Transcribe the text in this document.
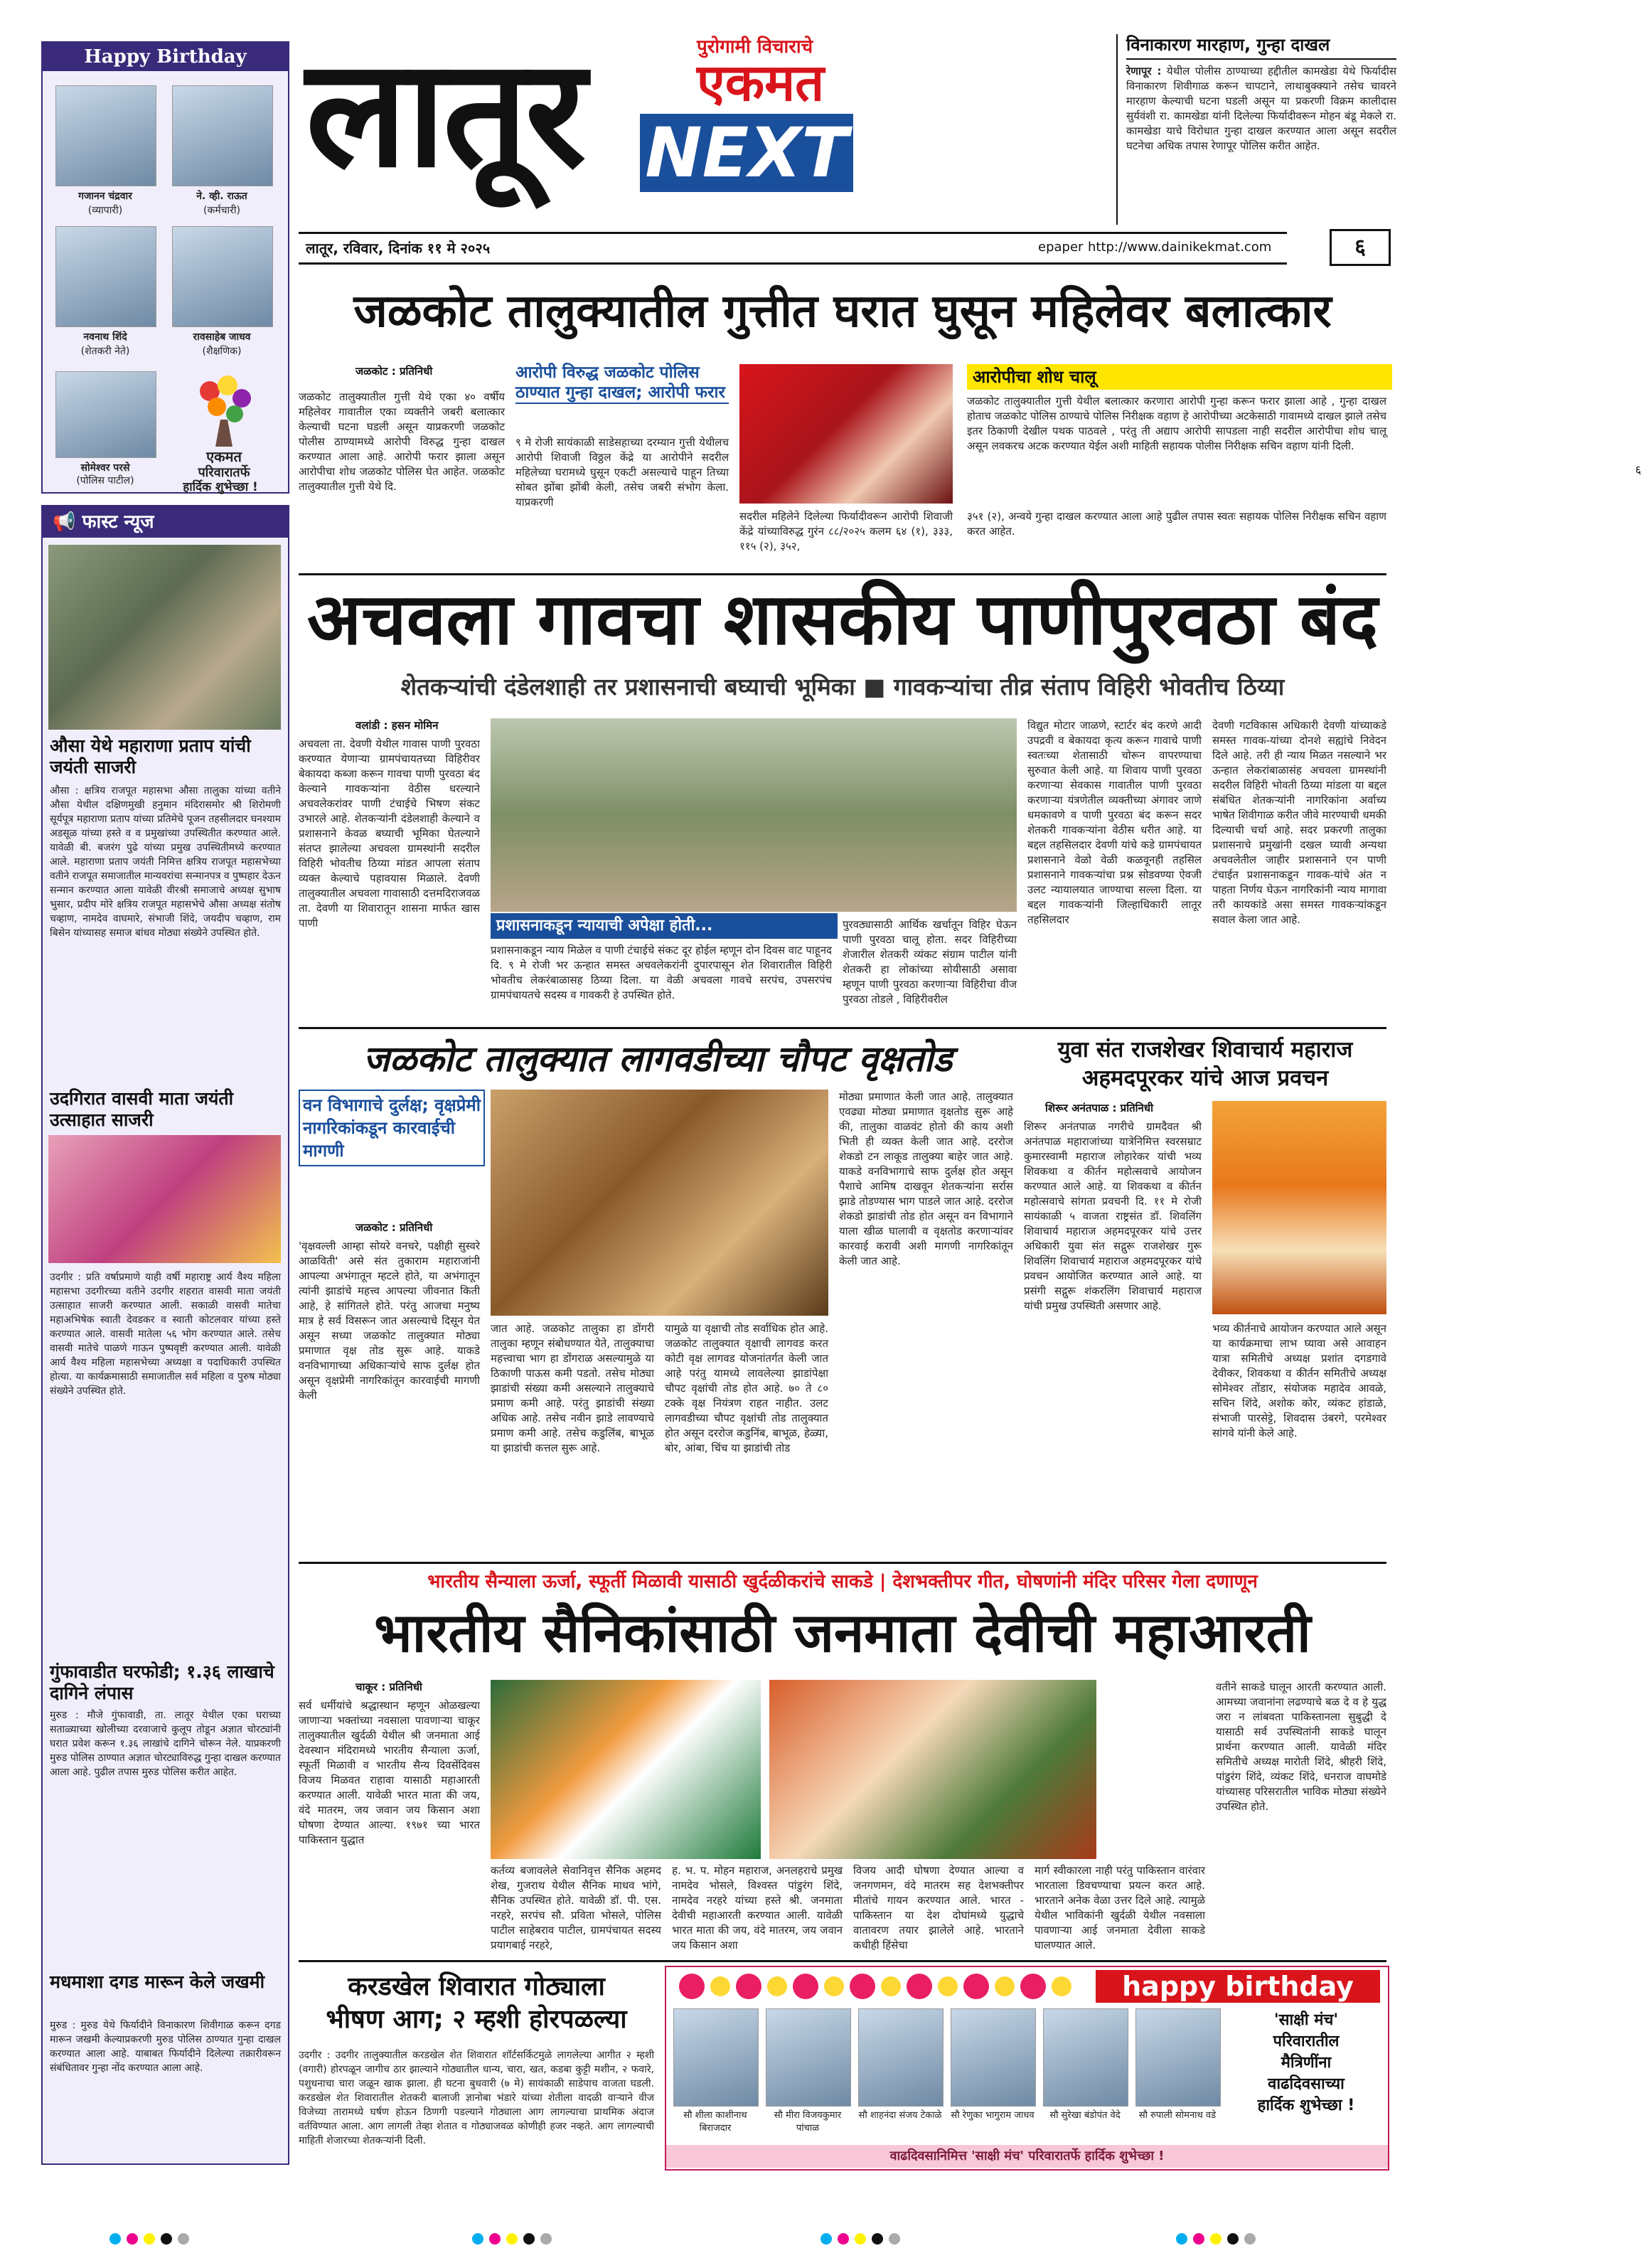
Happy Birthday
गजानन चंद्रवार
(व्यापारी)
ने. व्ही. राऊत
(कर्मचारी)
नवनाथ शिंदे
(शेतकरी नेते)
रावसाहेब जाधव
(शैक्षणिक)
सोमेश्वर परसे
(पोलिस पाटील)
एकमत
परिवारातर्फे
हार्दिक शुभेच्छा !
📢 फास्ट न्यूज
औसा येथे महाराणा प्रताप यांची जयंती साजरी
औसा : क्षत्रिय राजपूत महासभा औसा तालुका यांच्या वतीने औसा येथील दक्षिणमुखी हनुमान मंदिरासमोर श्री शिरोमणी सूर्यपूत्र महाराणा प्रताप यांच्या प्रतिमेचे पूजन तहसीलदार घनश्याम अडसूळ यांच्या हस्ते व व प्रमुखांच्या उपस्थितीत करण्यात आले. यावेळी बी. बजरंग पुढे यांच्या प्रमुख उपस्थितीमध्ये करण्यात आले. महाराणा प्रताप जयंती निमित्त क्षत्रिय राजपूत महासभेच्या वतीने राजपूत समाजातील मान्यवरांचा सन्मानपत्र व पुष्पहार देऊन सन्मान करण्यात आला यावेळी वीरश्री समाजाचे अध्यक्ष सुभाष भुसार, प्रदीप मोरे क्षत्रिय राजपूत महासभेचे औसा अध्यक्ष संतोष चव्हाण, नामदेव वाघमारे, संभाजी शिंदे, जयदीप चव्हाण, राम बिसेन यांच्यासह समाज बांधव मोठ्या संख्येने उपस्थित होते.
उदगिरात वासवी माता जयंती उत्साहात साजरी
उदगीर : प्रति वर्षाप्रमाणे याही वर्षी महाराष्ट्र आर्य वैश्य महिला महासभा उदगीरच्या वतीने उदगीर शहरात वासवी माता जयंती उत्साहात साजरी करण्यात आली. सकाळी वासवी मातेचा महाअभिषेक स्वाती देवडकर व स्वाती कोटलवार यांच्या हस्ते करण्यात आले. वासवी मातेला ५६ भोग करण्यात आले. तसेच वासवी मातेचे पाळणे गाऊन पुष्पवृष्टी करण्यात आली. यावेळी आर्य वैश्य महिला महासभेच्या अध्यक्षा व पदाधिकारी उपस्थित होत्या. या कार्यक्रमासाठी समाजातील सर्व महिला व पुरुष मोठ्या संख्येने उपस्थित होते.
गुंफावाडीत घरफोडी; १.३६ लाखाचे दागिने लंपास
मुरुड : मौजे गुंफावाडी, ता. लातूर येथील एका घराच्या सताळ्याच्या खोलीच्या दरवाजाचे कुलूप तोडून अज्ञात चोरट्यांनी घरात प्रवेश करून १.३६ लाखांचे दागिने चोरून नेले. याप्रकरणी मुरुड पोलिस ठाण्यात अज्ञात चोरट्याविरुद्ध गुन्हा दाखल करण्यात आला आहे. पुढील तपास मुरुड पोलिस करीत आहेत.
मधमाशा दगड मारून केले जखमी
मुरुड : मुरुड येथे फिर्यादीने विनाकारण शिवीगाळ करून दगड मारून जखमी केल्याप्रकरणी मुरुड पोलिस ठाण्यात गुन्हा दाखल करण्यात आला आहे. याबाबत फिर्यादीने दिलेल्या तक्रारीवरून संबंधितावर गुन्हा नोंद करण्यात आला आहे.
लातूर NEXT
पुरोगामी विचाराचे
एकमत
लातूर, रविवार, दिनांक ११ मे २०२५	epaper http://www.dainikekmat.com
६
६
विनाकारण मारहाण, गुन्हा दाखल
रेणापूर : येथील पोलीस ठाण्याच्या हद्दीतील कामखेडा येथे फिर्यादीस विनाकारण शिवीगाळ करून चापटाने, लाथाबुक्क्याने तसेच चावरने मारहाण केल्याची घटना घडली असून या प्रकरणी विक्रम कालीदास सुर्यवंशी रा. कामखेडा यांनी दिलेल्या फिर्यादीवरून मोहन बंडू मेकले रा. कामखेडा याचे विरोधात गुन्हा दाखल करण्यात आला असून सदरील घटनेचा अधिक तपास रेणापूर पोलिस करीत आहेत.
जळकोट तालुक्यातील गुत्तीत घरात घुसून महिलेवर बलात्कार
जळकोट : प्रतिनिधी
जळकोट तालुक्यातील गुत्ती येथे एका ४० वर्षीय महिलेवर गावातील एका व्यक्तीने जबरी बलात्कार केल्याची घटना घडली असून याप्रकरणी जळकोट पोलीस ठाण्यामध्ये आरोपी विरुद्ध गुन्हा दाखल करण्यात आला आहे. आरोपी फरार झाला असून आरोपीचा शोध जळकोट पोलिस घेत आहेत. जळकोट तालुक्यातील गुत्ती येथे दि.
आरोपी विरुद्ध जळकोट पोलिस ठाण्यात गुन्हा दाखल; आरोपी फरार
९ मे रोजी सायंकाळी साडेसहाच्या दरम्यान गुत्ती येथीलच आरोपी शिवाजी विठ्ठल केंद्रे या आरोपीने सदरील महिलेच्या घरामध्ये घुसून एकटी असल्याचे पाहून तिच्या सोबत झोंबा झोंबी केली, तसेच जबरी संभोग केला. याप्रकरणी
आरोपीचा शोध चालू
जळकोट तालुक्यातील गुत्ती येथील बलात्कार करणारा आरोपी गुन्हा करून फरार झाला आहे , गुन्हा दाखल होताच जळकोट पोलिस ठाण्याचे पोलिस निरीक्षक वहाण हे आरोपीच्या अटकेसाठी गावामध्ये दाखल झाले तसेच इतर ठिकाणी देखील पथक पाठवले , परंतु ती अद्याप आरोपी सापडला नाही सदरील आरोपीचा शोध चालू असून लवकरच अटक करण्यात येईल अशी माहिती सहायक पोलीस निरीक्षक सचिन वहाण यांनी दिली.
सदरील महिलेने दिलेल्या फिर्यादीवरून आरोपी शिवाजी केंद्रे यांच्याविरुद्ध गुरंन ८८/२०२५ कलम ६४ (१), ३३३, ११५ (२), ३५२,
३५१ (२), अन्वये गुन्हा दाखल करण्यात आला आहे पुढील तपास स्वतः सहायक पोलिस निरीक्षक सचिन वहाण करत आहेत.
अचवला गावचा शासकीय पाणीपुरवठा बंद
शेतकऱ्यांची दंडेलशाही तर प्रशासनाची बघ्याची भूमिका ■ गावकऱ्यांचा तीव्र संताप विहिरी भोवतीच ठिय्या
वलांडी : हसन मोमिन
अचवला ता. देवणी येथील गावास पाणी पुरवठा करण्यात येणाऱ्या ग्रामपंचायतच्या विहिरीवर बेकायदा कब्जा करून गावचा पाणी पुरवठा बंद केल्याने गावकऱ्यांना वेठीस धरल्याने अचवलेकरांवर पाणी टंचाईचे भिषण संकट उभारले आहे. शेतकऱ्यांनी दंडेलशाही केल्याने व प्रशासनाने केवळ बघ्याची भूमिका घेतल्याने संतप्त झालेल्या अचवला ग्रामस्थांनी सदरील विहिरी भोवतीच ठिय्या मांडत आपला संताप व्यक्त केल्याचे पहावयास मिळाले. देवणी तालुक्यातील अचवला गावासाठी दत्तमदिराजवळ ता. देवणी या शिवारातून शासना मार्फत खास पाणी	प्रशासनाकडून न्यायाची अपेक्षा होती...
प्रशासनाकडून न्याय मिळेल व पाणी टंचाईचे संकट दूर होईल म्हणून दोन दिवस वाट पाहूनद दि. ९ मे रोजी भर ऊन्हात समस्त अचवलेकरांनी दुपारपासून शेत शिवारातील विहिरी भोवतीच लेकरंबाळासह ठिय्या दिला. या वेळी अचवला गावचे सरपंच, उपसरपंच ग्रामपंचायतचे सदस्य व गावकरी हे उपस्थित होते.
पुरवठ्यासाठी आर्थिक खर्चातून विहिर घेऊन पाणी पुरवठा चालू होता. सदर विहिरीच्या शेजारील शेतकरी व्यंकट संग्राम पाटील यांनी शेतकरी हा लोकांच्या सोयीसाठी असावा म्हणून पाणी पुरवठा करणाऱ्या विहिरीचा वीज पुरवठा तोडले , विहिरीवरील
विद्युत मोटार जाळणे, स्टार्टर बंद करणे आदी उपद्रवी व बेकायदा कृत्य करून गावाचे पाणी स्वतःच्या शेतासाठी चोरून वापरण्याचा सुरुवात केली आहे. या शिवाय पाणी पुरवठा करणाऱ्या सेवकास गावातील पाणी पुरवठा करणाऱ्या यंत्रणेतील व्यक्तीच्या अंगावर जाणे धमकावणे व पाणी पुरवठा बंद करून सदर शेतकरी गावकऱ्यांना वेठीस धरीत आहे. या बद्दल तहसिलदार देवणी यांचे कडे ग्रामपंचायत प्रशासनाने वेळो वेळी कळवूनही तहसिल प्रशासनाने गावकऱ्यांचा प्रश्न सोडवण्या ऐवजी उलट न्यायालयात जाण्याचा सल्ला दिला. या बद्दल गावकऱ्यांनी जिल्हाधिकारी लातूर तहसिलदार
देवणी गटविकास अधिकारी देवणी यांच्याकडे समस्त गावक-यांच्या दोनशे सह्यांचे निवेदन दिले आहे. तरी ही न्याय मिळत नसल्याने भर ऊन्हात लेकरांबाळासंह अचवला ग्रामस्थांनी सदरील विहिरी भोवती ठिय्या मांडला या बद्दल संबंधित शेतकऱ्यांनी नागरिकांना अर्वाच्य भाषेत शिवीगाळ करीत जीवे मारण्याची धमकी दिल्याची चर्चा आहे. सदर प्रकरणी तालुका प्रशासनाचे प्रमुखांनी दखल घ्यावी अन्यथा अचवलेतील जाहीर प्रशासनाने एन पाणी टंचाईत प्रशासनाकडून गावक-यांचे अंत न पाहता निर्णय घेऊन नागरिकांनी न्याय मागावा तरी कायकांडे असा समस्त गावकऱ्यांकडून सवाल केला जात आहे.
जळकोट तालुक्यात लागवडीच्या चौपट वृक्षतोड
वन विभागाचे दुर्लक्ष; वृक्षप्रेमी नागरिकांकडून कारवाईची मागणी
जळकोट : प्रतिनिधी
'वृक्षवल्ली आम्हा सोयरे वनचरे, पक्षीही सुस्वरे आळविती' असे संत तुकाराम महाराजांनी आपल्या अभंगातून म्हटले होते, या अभंगातून त्यांनी झाडांचे महत्त्व आपल्या जीवनात किती आहे, हे सांगितले होते. परंतु आजचा मनुष्य मात्र हे सर्व विसरून जात असल्याचे दिसून येत असून सध्या जळकोट तालुक्यात मोठ्या प्रमाणात वृक्ष तोड सुरू आहे. याकडे वनविभागाच्या अधिकाऱ्यांचे साफ दुर्लक्ष होत असून वृक्षप्रेमी नागरिकांतून कारवाईची मागणी केली
जात आहे. जळकोट तालुका हा डोंगरी तालुका म्हणून संबोधण्यात येते, तालुक्याचा महत्त्वाचा भाग हा डोंगराळ असल्यामुळे या ठिकाणी पाऊस कमी पडतो. तसेच मोठ्या झाडांची संख्या कमी असल्याने तालुक्याचे प्रमाण कमी आहे. परंतु झाडांची संख्या अधिक आहे. तसेच नवीन झाडे लावण्याचे प्रमाण कमी आहे. तसेच कडुलिंब, बाभूळ या झाडांची कत्तल सुरू आहे.
यामुळे या वृक्षाची तोड सर्वाधिक होत आहे. जळकोट तालुक्यात वृक्षाची लागवड करत कोटी वृक्ष लागवड योजनांतर्गत केली जात आहे परंतु यामध्ये लावलेल्या झाडांपेक्षा चौपट वृक्षांची तोड होत आहे. ७० ते ८० टक्के वृक्ष नियंत्रण राहत नाहीत. उलट लागवडीच्या चौपट वृक्षांची तोड तालुक्यात होत असून दररोज कडुनिंब, बाभूळ, हेळ्या, बोर, आंबा, चिंच या झाडांची तोड
मोठ्या प्रमाणात केली जात आहे. तालुक्यात एवढ्या मोठ्या प्रमाणात वृक्षतोड सुरू आहे की, तालुका वाळवंट होतो की काय अशी भिती ही व्यक्त केली जात आहे. दररोज शेकडो टन लाकूड तालुक्या बाहेर जात आहे. याकडे वनविभागाचे साफ दुर्लक्ष होत असून पैशाचे आमिष दाखवून शेतकऱ्यांना सर्रास झाडे तोडण्यास भाग पाडले जात आहे. दररोज शेकडो झाडांची तोड होत असून वन विभागाने याला खीळ घालावी व वृक्षतोड करणाऱ्यांवर कारवाई करावी अशी मागणी नागरिकांतून केली जात आहे.
युवा संत राजशेखर शिवाचार्य महाराज
अहमदपूरकर यांचे आज प्रवचन
शिरूर अनंतपाळ : प्रतिनिधी
शिरूर अनंतपाळ नगरीचे ग्रामदैवत श्री अनंतपाळ महाराजांच्या यात्रेनिमित्त स्वरसम्राट कुमारस्वामी महाराज लोहारेकर यांची भव्य शिवकथा व कीर्तन महोत्सवाचे आयोजन करण्यात आले आहे. या शिवकथा व कीर्तन महोत्सवाचे सांगता प्रवचनी दि. ११ मे रोजी सायंकाळी ५ वाजता राष्ट्रसंत डॉ. शिवलिंग शिवाचार्य महाराज अहमदपूरकर यांचे उत्तर अधिकारी युवा संत सद्गुरू राजशेखर गुरू शिवलिंग शिवाचार्य महाराज अहमदपूरकर यांचे प्रवचन आयोजित करण्यात आले आहे. या प्रसंगी सद्गुरू शंकरलिंग शिवाचार्य महाराज यांची प्रमुख उपस्थिती असणार आहे.
भव्य कीर्तनाचे आयोजन करण्यात आले असून या कार्यक्रमाचा लाभ घ्यावा असे आवाहन यात्रा समितीचे अध्यक्ष प्रशांत दगडगावे देवीकर, शिवकथा व कीर्तन समितीचे अध्यक्ष सोमेश्वर तोंडार, संयोजक महादेव आवळे, सचिन शिंदे, अशोक कोर, व्यंकट हांडाळे, संभाजी पारसेट्टे, शिवदास उंबरगे, परमेश्वर सांगवे यांनी केले आहे.
भारतीय सैन्याला ऊर्जा, स्फूर्ती मिळावी यासाठी खुर्दळीकरांचे साकडे | देशभक्तीपर गीत, घोषणांनी मंदिर परिसर गेला दणाणून
भारतीय सैनिकांसाठी जनमाता देवीची महाआरती
चाकूर : प्रतिनिधी
सर्व धर्मीयांचे श्रद्धास्थान म्हणून ओळखल्या जाणाऱ्या भक्तांच्या नवसाला पावणाऱ्या चाकूर तालुक्यातील खुर्दळी येथील श्री जनमाता आई देवस्थान मंदिरामध्ये भारतीय सैन्याला ऊर्जा, स्फूर्ती मिळावी व भारतीय सैन्य दिवसेंदिवस विजय मिळवत राहावा यासाठी महाआरती करण्यात आली. यावेळी भारत माता की जय, वंदे मातरम, जय जवान जय किसान अशा घोषणा देण्यात आल्या. १९७१ च्या भारत पाकिस्तान युद्धात
कर्तव्य बजावलेले सेवानिवृत्त सैनिक अहमद शेख, गुजराथ येथील सैनिक माधव भांगे, सैनिक उपस्थित होते. यावेळी डॉ. पी. एस. नरहरे, सरपंच सौ. प्रविता भोसले, पोलिस पाटील साहेबराव पाटील, ग्रामपंचायत सदस्य प्रयागबाई नरहरे,
ह. भ. प. मोहन महाराज, अनलहराचे प्रमुख नामदेव भोसले, विश्वस्त पांडुरंग शिंदे, नामदेव नरहरे यांच्या हस्ते श्री. जनमाता देवीची महाआरती करण्यात आली. यावेळी भारत माता की जय, वंदे मातरम, जय जवान जय किसान अशा
विजय आदी घोषणा देण्यात आल्या व जनगणमन, वंदे मातरम सह देशभक्तीपर मीतांचे गायन करण्यात आले. भारत - पाकिस्तान या देश दोघांमध्ये युद्धाचे वातावरण तयार झालेले आहे. भारताने कधीही हिंसेचा
मार्ग स्वीकारला नाही परंतु पाकिस्तान वारंवार भारताला डिवचण्याचा प्रयत्न करत आहे. भारताने अनेक वेळा उत्तर दिले आहे. त्यामुळे येथील भाविकांनी खुर्दळी येथील नवसाला पावणाऱ्या आई जनमाता देवीला साकडे घालण्यात आले.
वतीने साकडे घालून आरती करण्यात आली. आमच्या जवानांना लढण्याचे बळ दे व हे युद्ध जरा न लांबवता पाकिस्तानला सुबुद्धी दे यासाठी सर्व उपस्थितांनी साकडे घालून प्रार्थना करण्यात आली. यावेळी मंदिर समितीचे अध्यक्ष मारोती शिंदे, श्रीहरी शिंदे, पांडुरंग शिंदे, व्यंकट शिंदे, धनराज वाघमोडे यांच्यासह परिसरातील भाविक मोठ्या संख्येने उपस्थित होते.
करडखेल शिवारात गोठ्याला
भीषण आग; २ म्हशी होरपळल्या
उदगीर : उदगीर तालुक्यातील करडखेल शेत शिवारात शॉर्टसर्किटमुळे लागलेल्या आगीत २ म्हशी (वगारी) होरपळून जागीच ठार झाल्याने गोठ्यातील धान्य, चारा, खत, कडबा कुट्टी मशीन, २ फवारे, पशुधनाचा चारा जळून खाक झाला. ही घटना बुधवारी (७ मे) सायंकाळी साडेपाच वाजता घडली. करडखेल शेत शिवारातील शेतकरी बालाजी ज्ञानोबा भंडारे यांच्या शेतीला वादळी वाऱ्याने वीज विजेच्या तारामध्ये घर्षण होऊन ठिणगी पडल्याने गोठ्याला आग लागल्याचा प्राथमिक अंदाज वर्तविण्यात आला. आग लागली तेव्हा शेतात व गोठ्याजवळ कोणीही हजर नव्हते. आग लागल्याची माहिती शेजारच्या शेतकऱ्यांनी दिली.
happy birthday
सौ शीला काशीनाथ बिराजदार
सौ मीरा विजयकुमार पांचाळ
सौ शाहनंदा संजय टेकाळे सौ रेणुका भागुराम जाधव	सौ सुरेखा बंडोपंत वेदे	सौ रुपाली सोमनाथ वडे
'साक्षी मंच'
परिवारातील
मैत्रिणींना
वाढदिवसाच्या
हार्दिक शुभेच्छा !
वाढदिवसानिमित्त 'साक्षी मंच' परिवारातर्फे हार्दिक शुभेच्छा !
